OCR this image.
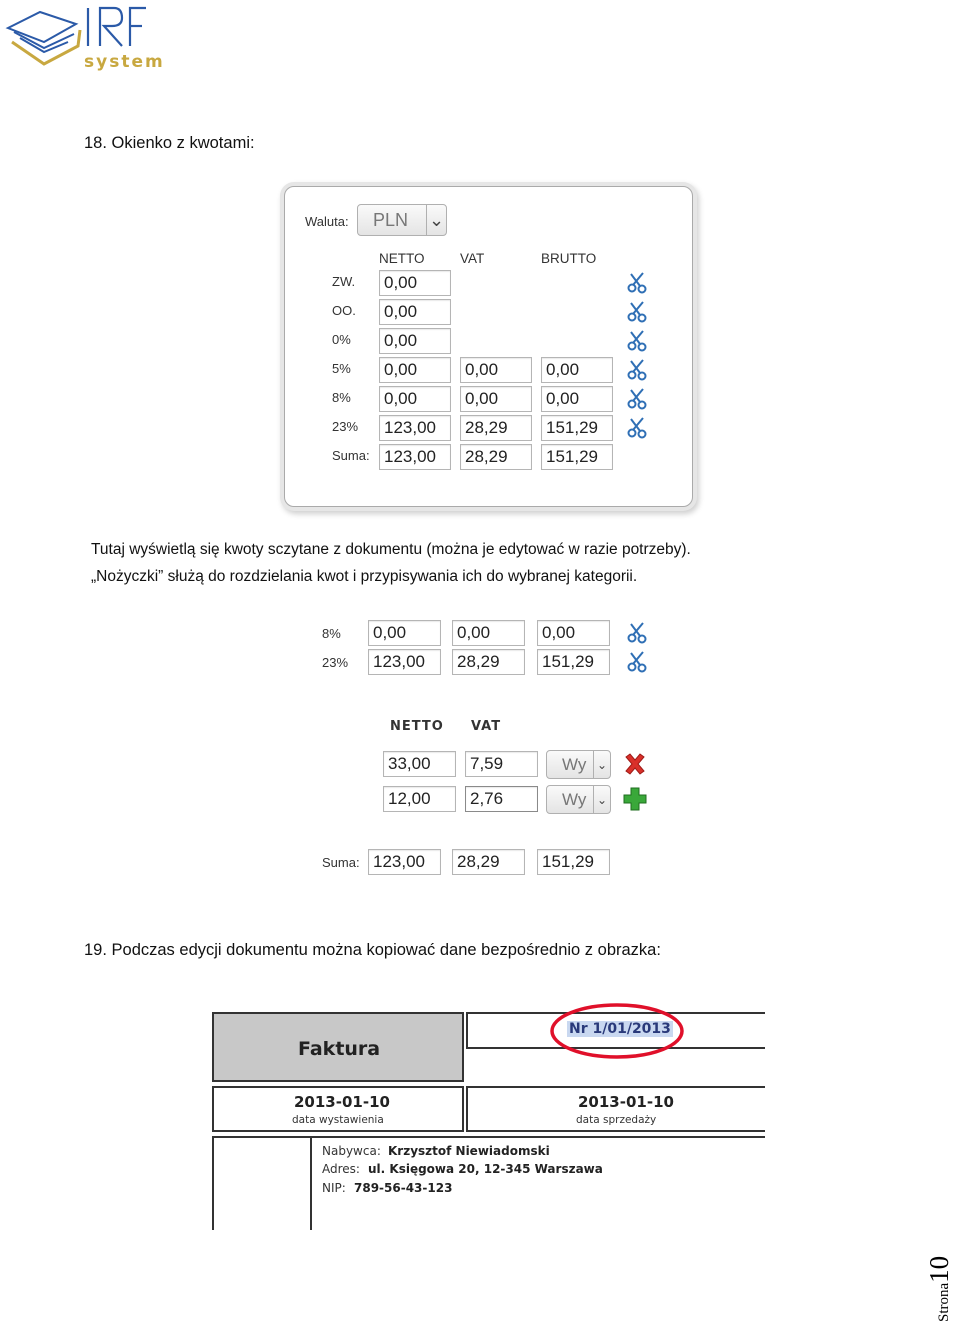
system
18. Okienko z kwotami:
Waluta:	PLN ⌄
NETTO	VAT	BRUTTO
ZW. 0,00
OO. 0,00
0% 0,00
5% 0,00	0,00	0,00
8% 0,00	0,00	0,00
23% 123,00	28,29	151,29
Suma: 123,00	28,29	151,29
Tutaj wyświetlą się kwoty sczytane z dokumentu (można je edytować w razie potrzeby).
„Nożyczki” służą do rozdzielania kwot i przypisywania ich do wybranej kategorii.
8% 0,00	0,00	0,00
23% 123,00	28,29	151,29
NETTO VAT
33,00	7,59	Wy ⌄
12,00	2,76	Wy ⌄
Suma: 123,00	28,29	151,29
19. Podczas edycji dokumentu można kopiować dane bezpośrednio z obrazka:
Faktura
Nr 1/01/2013
2013-01-10
data wystawienia
2013-01-10
data sprzedaży
Nabywca: Krzysztof Niewiadomski
Adres: ul. Księgowa 20, 12-345 Warszawa
NIP: 789-56-43-123
Strona10
